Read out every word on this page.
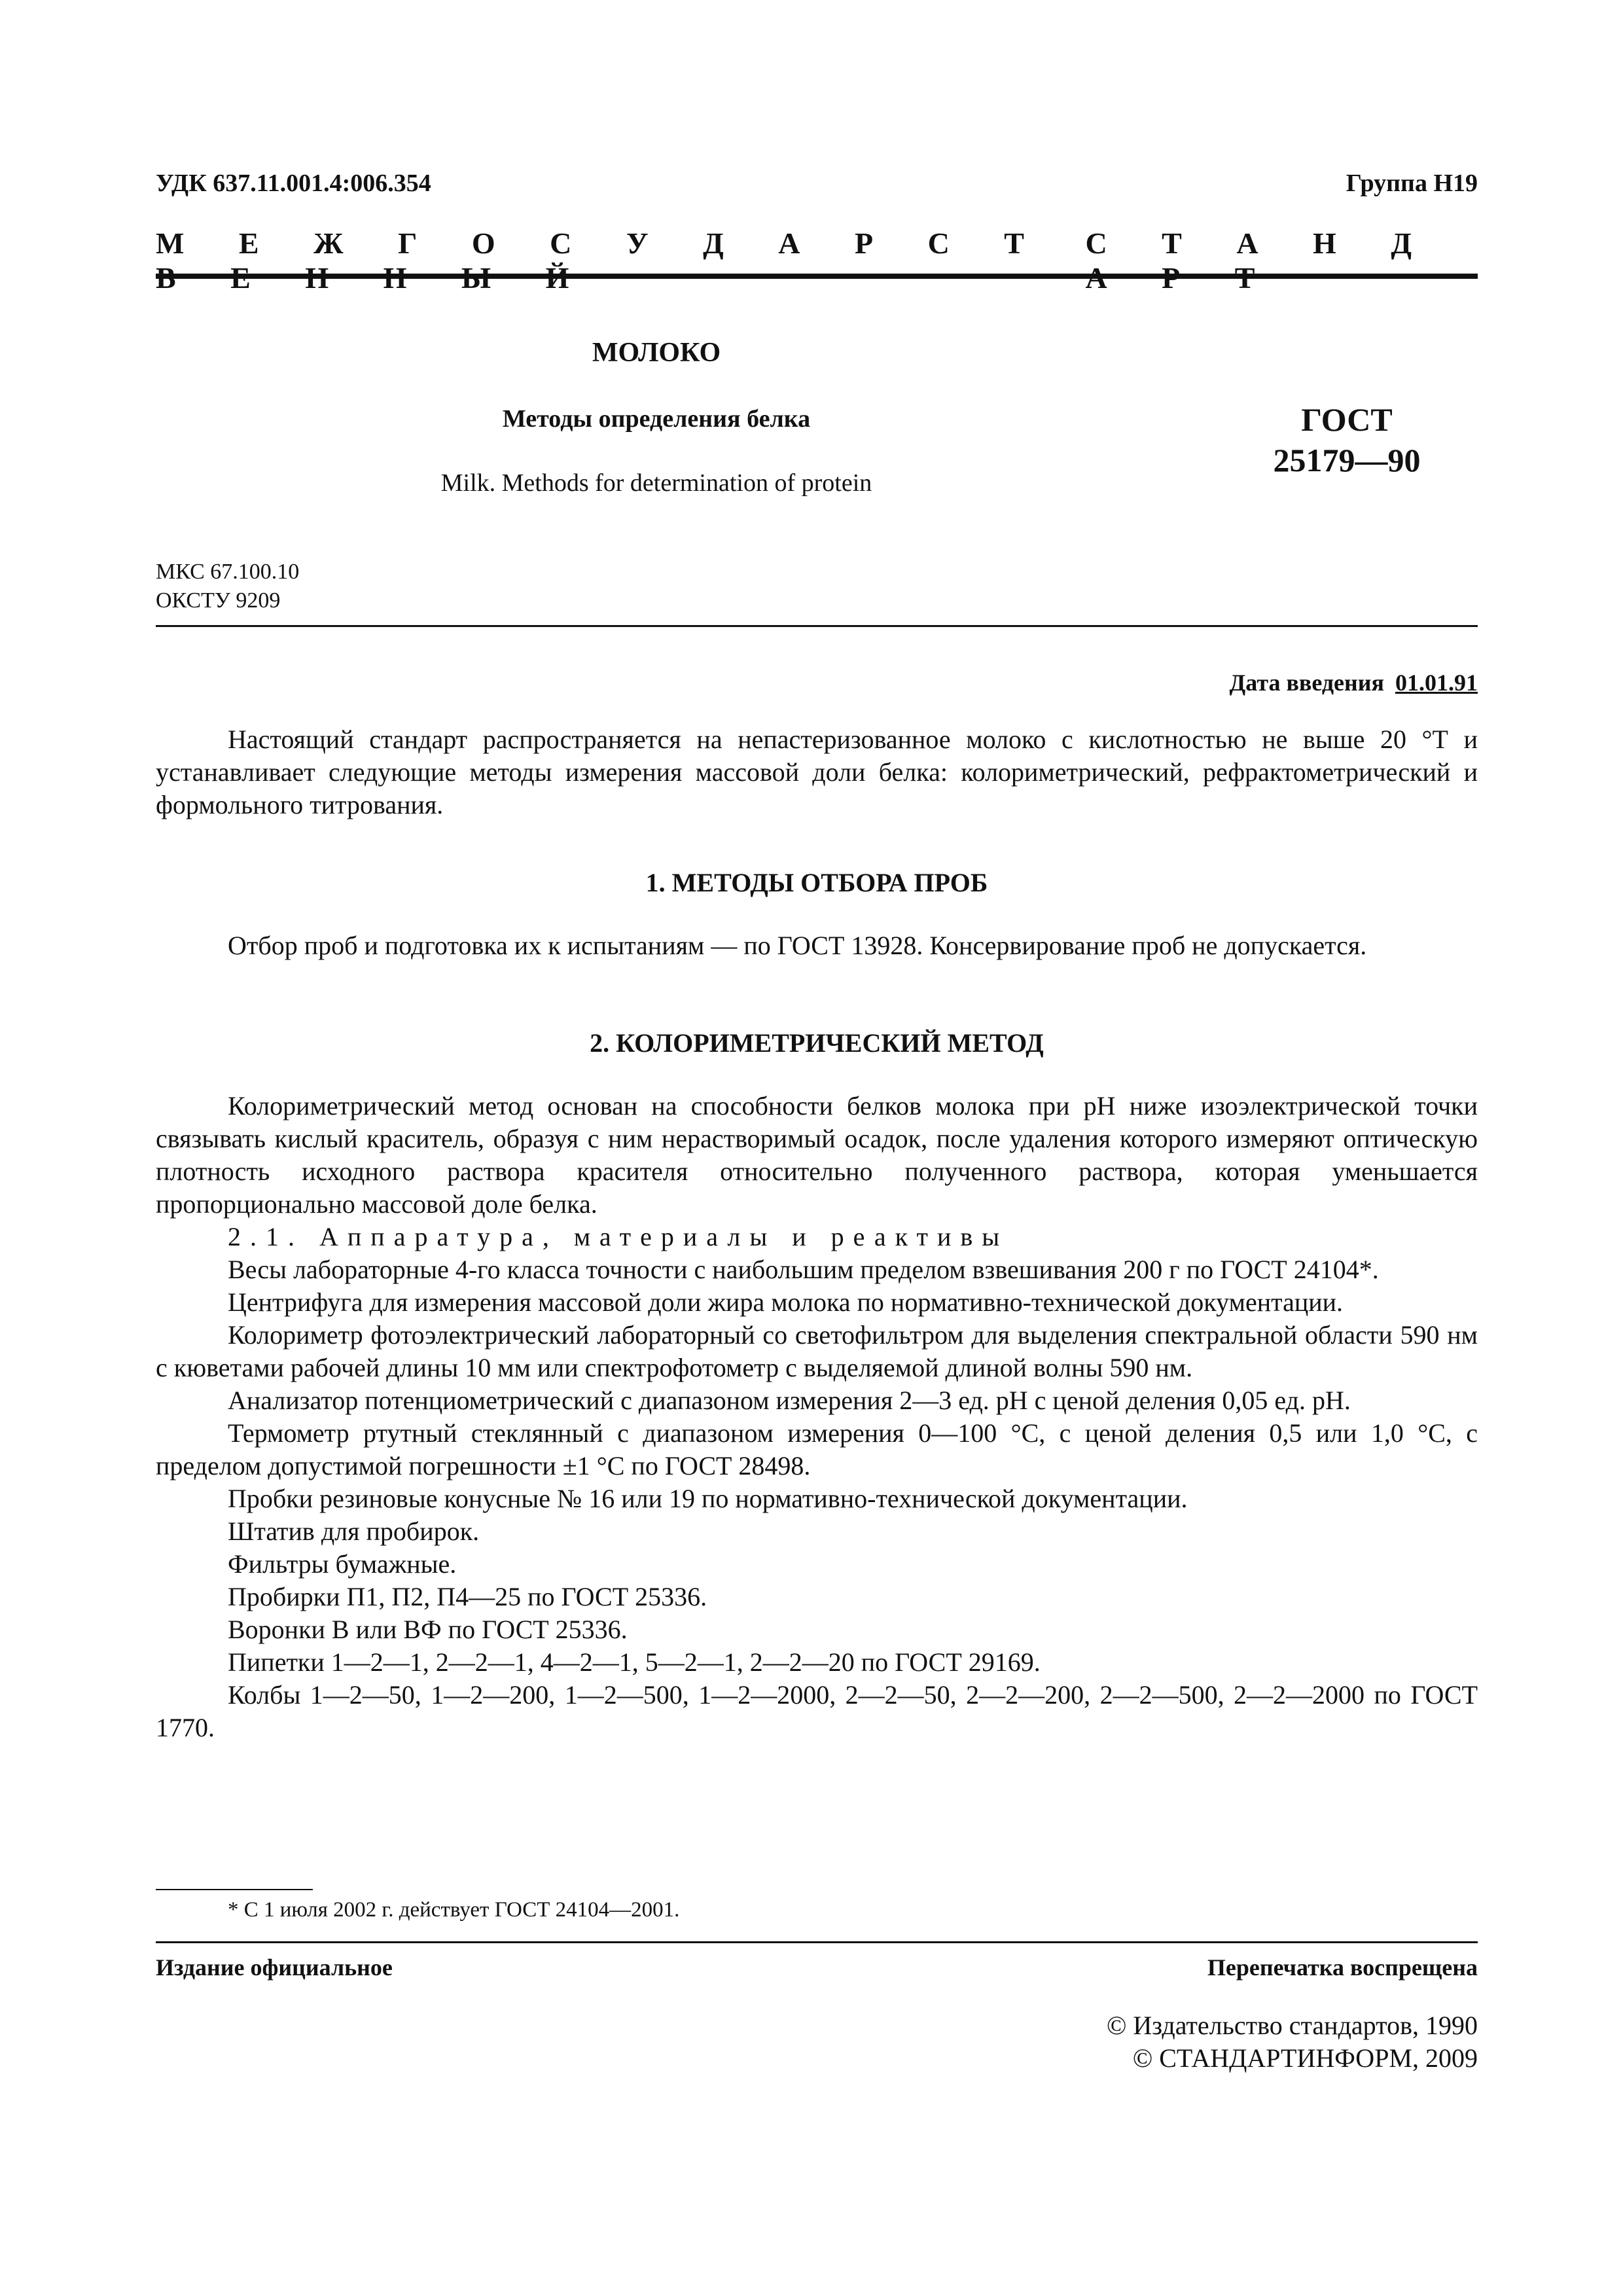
УДК 637.11.001.4:006.354	Группа Н19
М Е Ж Г О С У Д А Р С Т	С Т А Н Д
МОЛОКО
Методы определения белка
Milk. Methods for determination of protein
ГОСТ
25179—90
МКС 67.100.10
ОКСТУ 9209
Дата введения 01.01.91

Настоящий стандарт распространяется на непастеризованное молоко с кислотностью не выше 20 °Т и устанавливает следующие методы измерения массовой доли белка: колориметрический, рефрактометрический и формольного титрования.

1. МЕТОДЫ ОТБОРА ПРОБ

Отбор проб и подготовка их к испытаниям — по ГОСТ 13928. Консервирование проб не допускается.

2. КОЛОРИМЕТРИЧЕСКИЙ МЕТОД

Колориметрический метод основан на способности белков молока при рН ниже изоэлектрической точки связывать кислый краситель, образуя с ним нерастворимый осадок, после удаления которого измеряют оптическую плотность исходного раствора красителя относительно полученного раствора, которая уменьшается пропорционально массовой доле белка.

2.1. Аппаратура, материалы и реактивы

Весы лабораторные 4-го класса точности с наибольшим пределом взвешивания 200 г по ГОСТ 24104*.

Центрифуга для измерения массовой доли жира молока по нормативно-технической документации.

Колориметр фотоэлектрический лабораторный со светофильтром для выделения спектральной области 590 нм с кюветами рабочей длины 10 мм или спектрофотометр с выделяемой длиной волны 590 нм.

Анализатор потенциометрический с диапазоном измерения 2—3 ед. рН с ценой деления 0,05 ед. рН.

Термометр ртутный стеклянный с диапазоном измерения 0—100 °С, с ценой деления 0,5 или 1,0 °С, с пределом допустимой погрешности ±1 °С по ГОСТ 28498.

Пробки резиновые конусные № 16 или 19 по нормативно-технической документации.

Штатив для пробирок.

Фильтры бумажные.

Пробирки П1, П2, П4—25 по ГОСТ 25336.

Воронки В или ВФ по ГОСТ 25336.

Пипетки 1—2—1, 2—2—1, 4—2—1, 5—2—1, 2—2—20 по ГОСТ 29169.

Колбы 1—2—50, 1—2—200, 1—2—500, 1—2—2000, 2—2—50, 2—2—200, 2—2—500, 2—2—2000 по ГОСТ 1770.

* С 1 июля 2002 г. действует ГОСТ 24104—2001.
Издание официальное	Перепечатка воспрещена
© Издательство стандартов, 1990
© СТАНДАРТИНФОРМ, 2009
